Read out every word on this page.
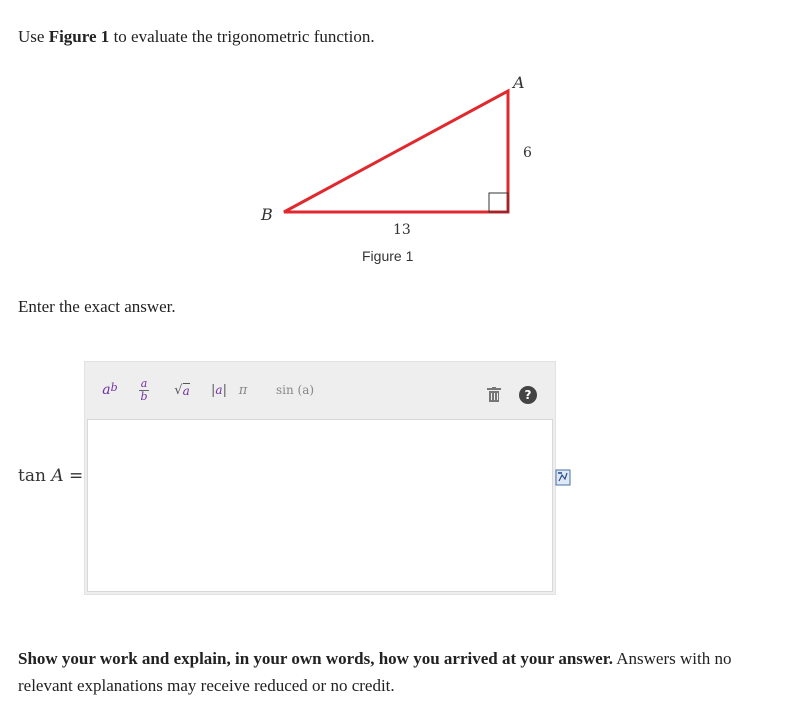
Use Figure 1 to evaluate the trigonometric function.
A
B
6
13
Figure 1
Enter the exact answer.
$a^b$ a
b √ a | a | π sin (a)	?
tan A =
Show your work and explain, in your own words, how you arrived at your answer. Answers with no relevant explanations may receive reduced or no credit.
